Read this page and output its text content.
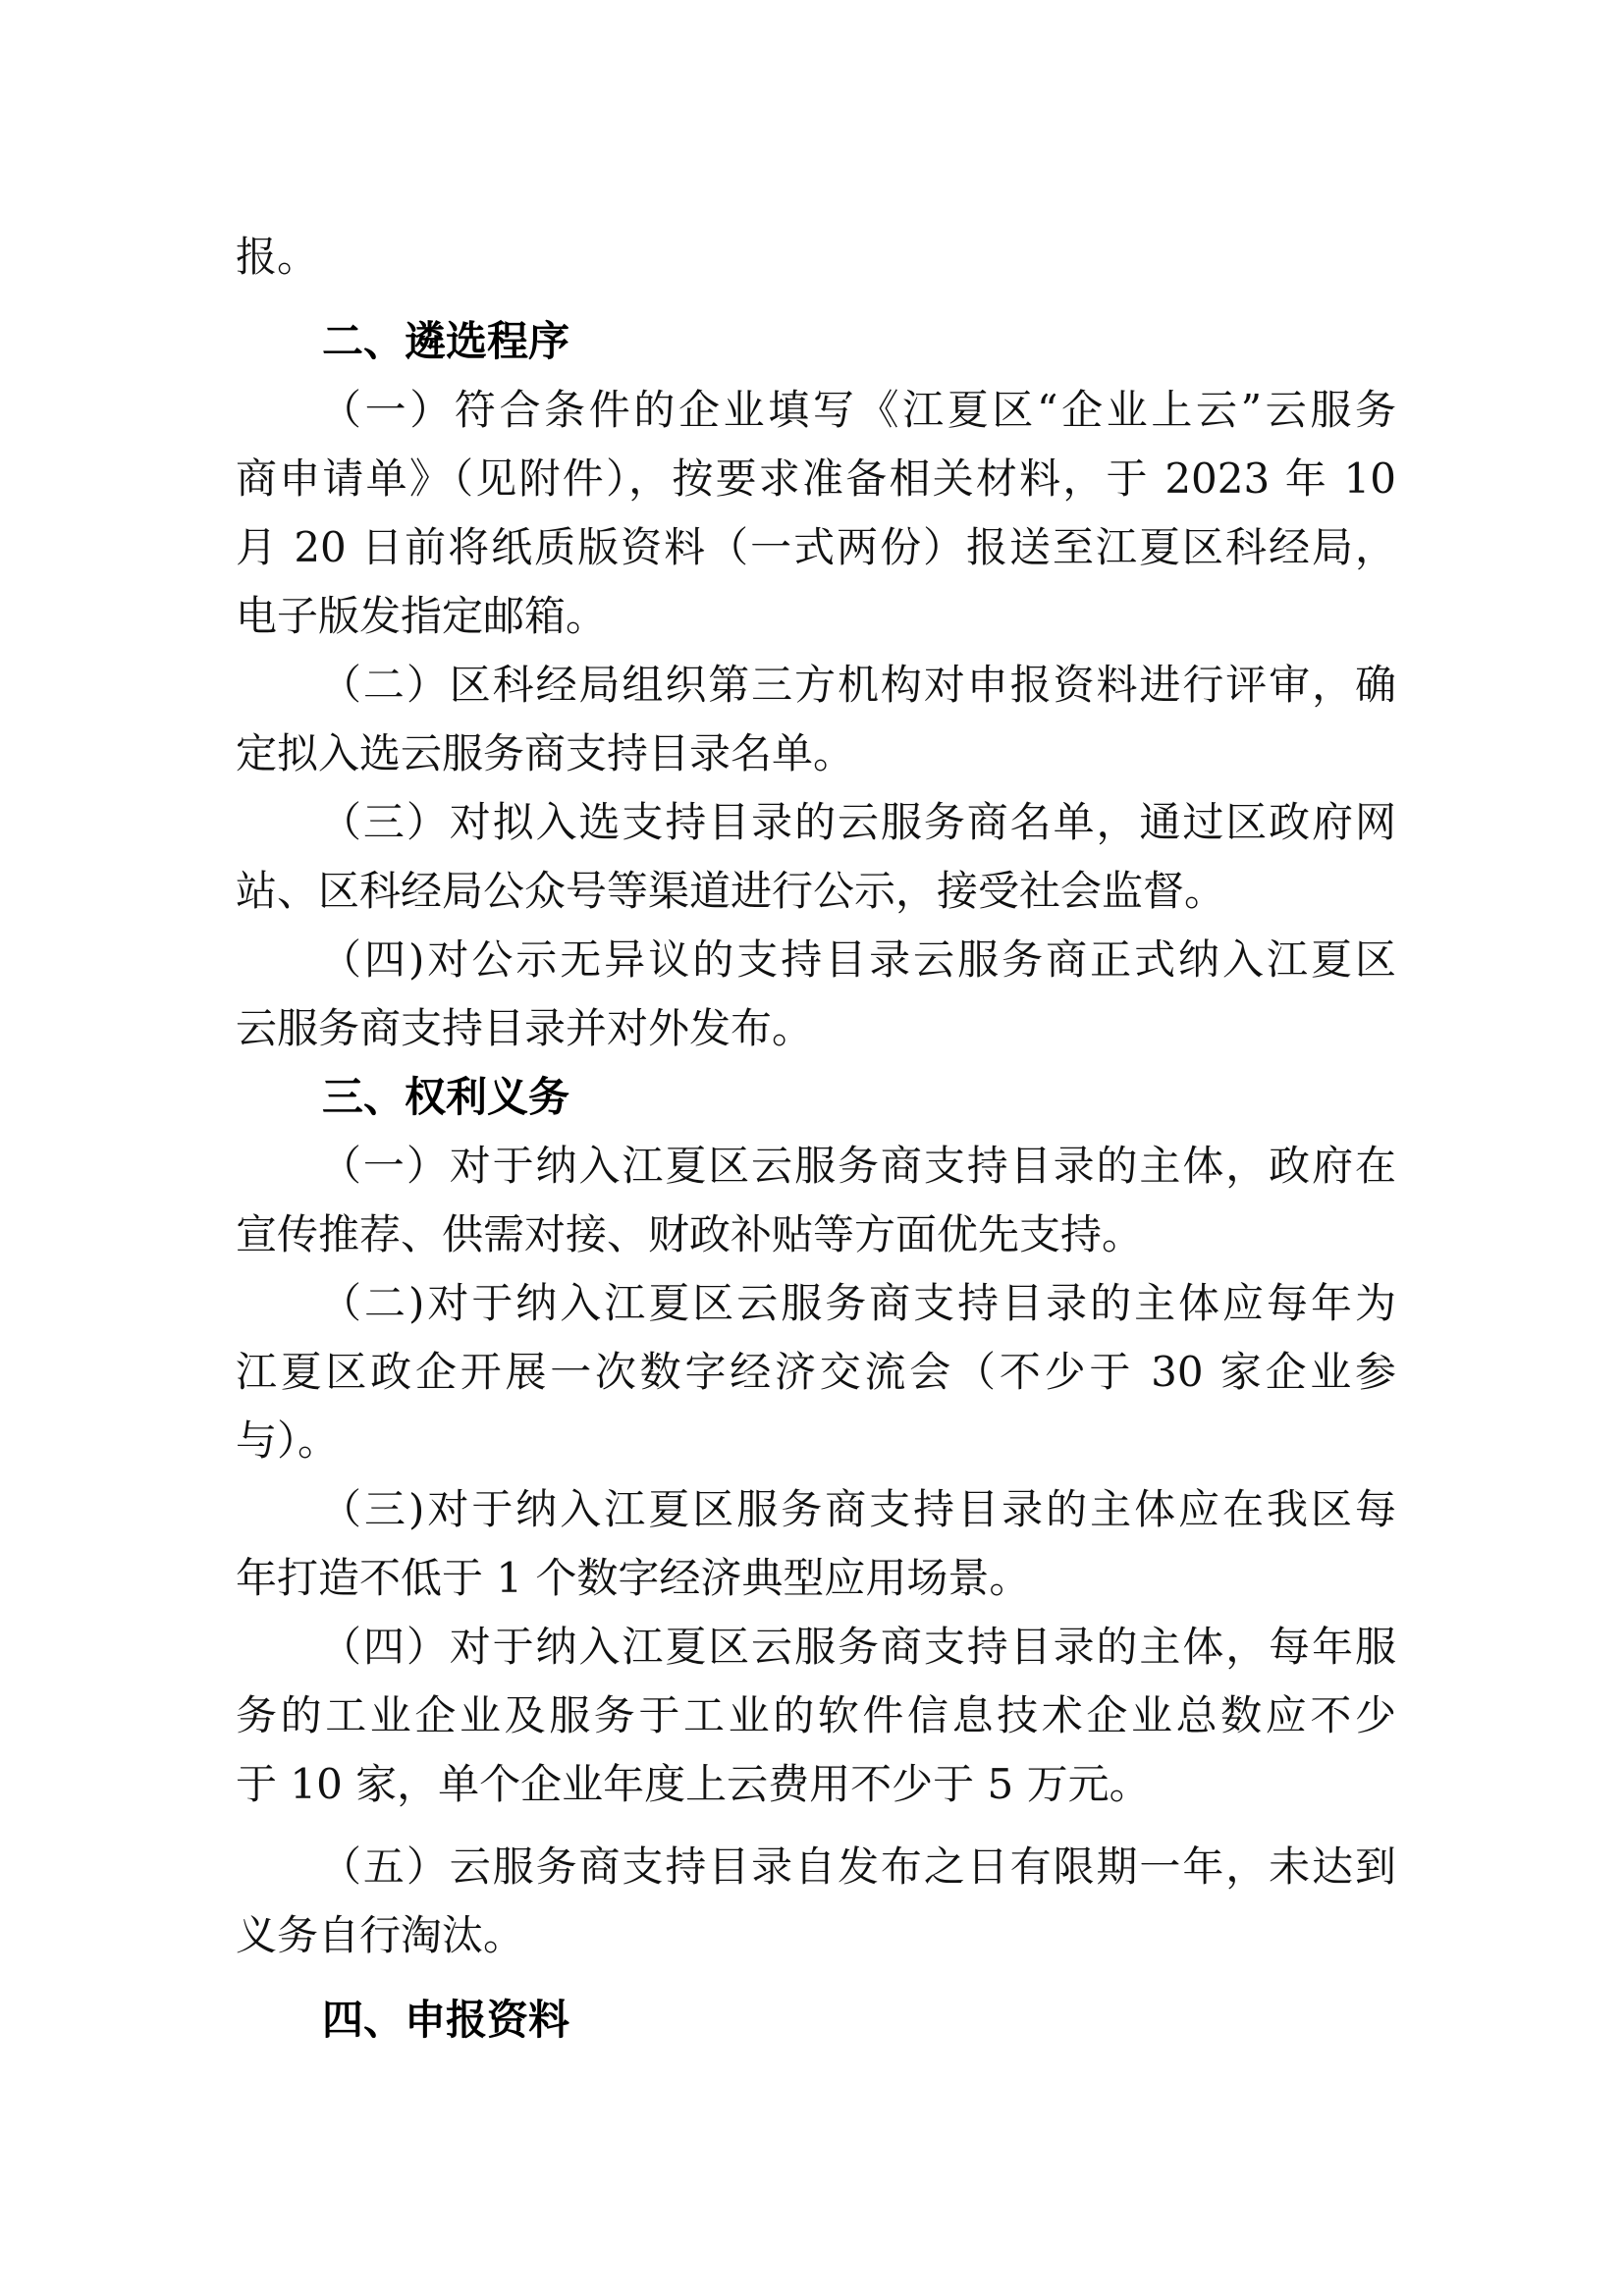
报。
二、遴选程序
（一）符合条件的企业填写《江夏区“企业上云”云服务
商申请单》（见附件），按要求准备相关材料，于 2023 年 10
月 20 日前将纸质版资料（一式两份）报送至江夏区科经局，
电子版发指定邮箱。
（二）区科经局组织第三方机构对申报资料进行评审，确
定拟入选云服务商支持目录名单。
（三）对拟入选支持目录的云服务商名单，通过区政府网
站、区科经局公众号等渠道进行公示，接受社会监督。
（四)对公示无异议的支持目录云服务商正式纳入江夏区
云服务商支持目录并对外发布。
三、权利义务
（一）对于纳入江夏区云服务商支持目录的主体，政府在
宣传推荐、供需对接、财政补贴等方面优先支持。
（二)对于纳入江夏区云服务商支持目录的主体应每年为
江夏区政企开展一次数字经济交流会（不少于 30 家企业参
与）。
（三)对于纳入江夏区服务商支持目录的主体应在我区每
年打造不低于 1 个数字经济典型应用场景。
（四）对于纳入江夏区云服务商支持目录的主体，每年服
务的工业企业及服务于工业的软件信息技术企业总数应不少
于 10 家，单个企业年度上云费用不少于 5 万元。
（五）云服务商支持目录自发布之日有限期一年，未达到
义务自行淘汰。
四、申报资料
